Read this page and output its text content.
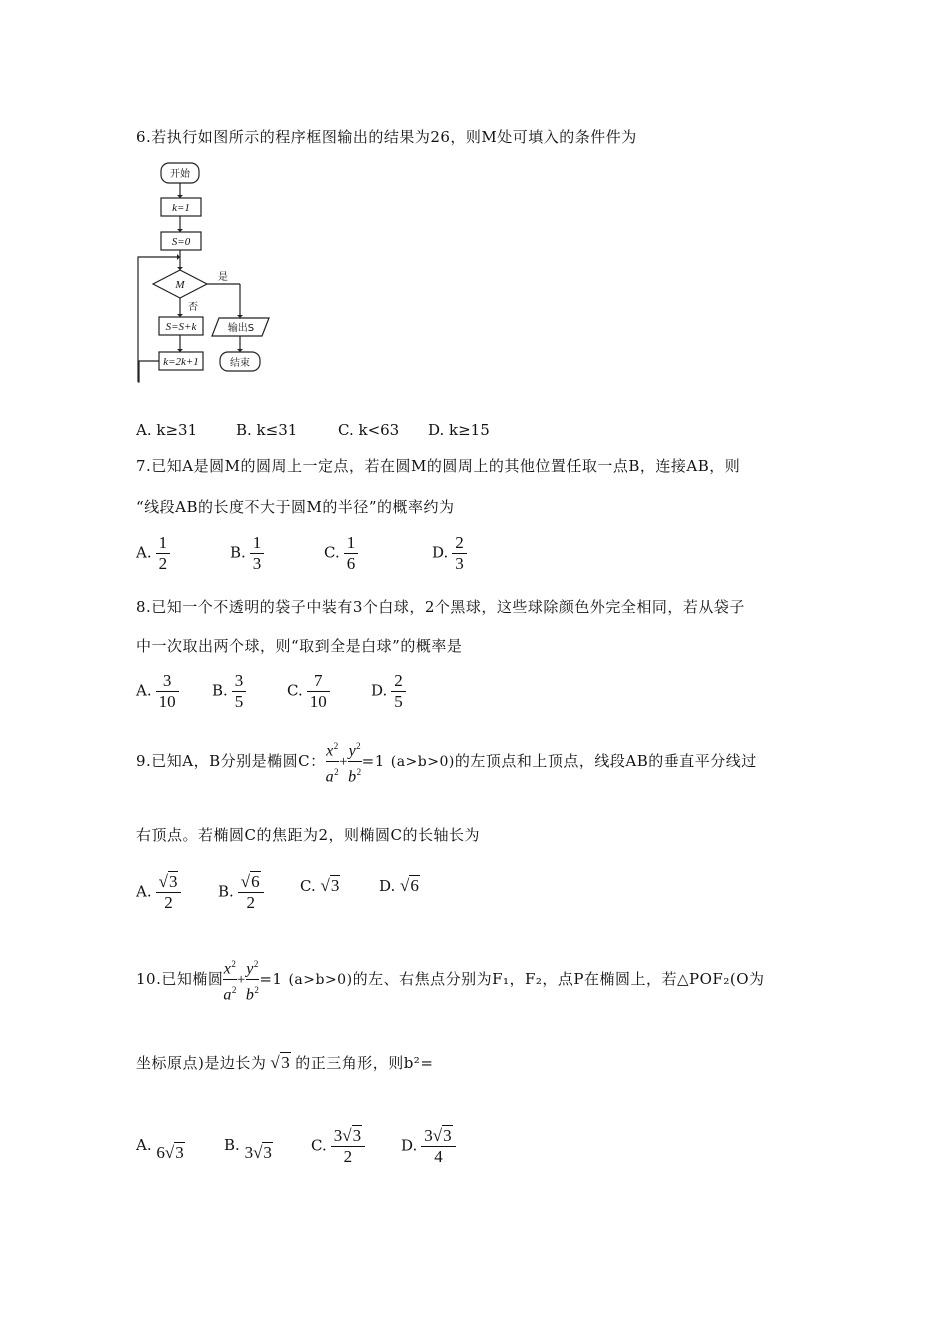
6.若执行如图所示的程序框图输出的结果为26，则M处可填入的条件件为
开始
k=1
S=0
M
是
否
S=S+k
k=2k+1
输出S
结束
A. k≥31	B. k≤31	C. k<63 D. k≥15
7.已知A是圆M的圆周上一定点，若在圆M的圆周上的其他位置任取一点B，连接AB，则
“线段AB的长度不大于圆M的半径”的概率约为
A. $\frac{1}{2}$	B. $\frac{1}{3}$	C. $\frac{1}{6}$	D. $\frac{2}{3}$
8.已知一个不透明的袋子中装有3个白球，2个黑球，这些球除颜色外完全相同，若从袋子
中一次取出两个球，则“取到全是白球”的概率是
A. $\frac{3}{10} B$. $\frac{3}{5}$	C. $\frac{7}{10}$	D. $\frac{2}{5}$
9.已知A，B分别是椭圆C： $\frac{x^2}{a^2} + \frac{y^2}{b^2} =1$ (a>b>0)的左顶点和上顶点，线段AB的垂直平分线过
右顶点。若椭圆C的焦距为2，则椭圆C的长轴长为
A. $\frac{√3}{2} B$. $\frac{√6}{2} C$. √3	D. √6
10.已知椭圆 $\frac{x^2}{a^2} + \frac{y^2}{b^2} =1$ (a>b>0)的左、右焦点分别为F₁，F₂，点P在椭圆上，若△POF₂(O为
坐标原点)是边长为 √3 的正三角形，则b²=
A. 6√3	B. 3√3	C. $\frac{3√3}{2} D$. $\frac{3√3}{4}$
